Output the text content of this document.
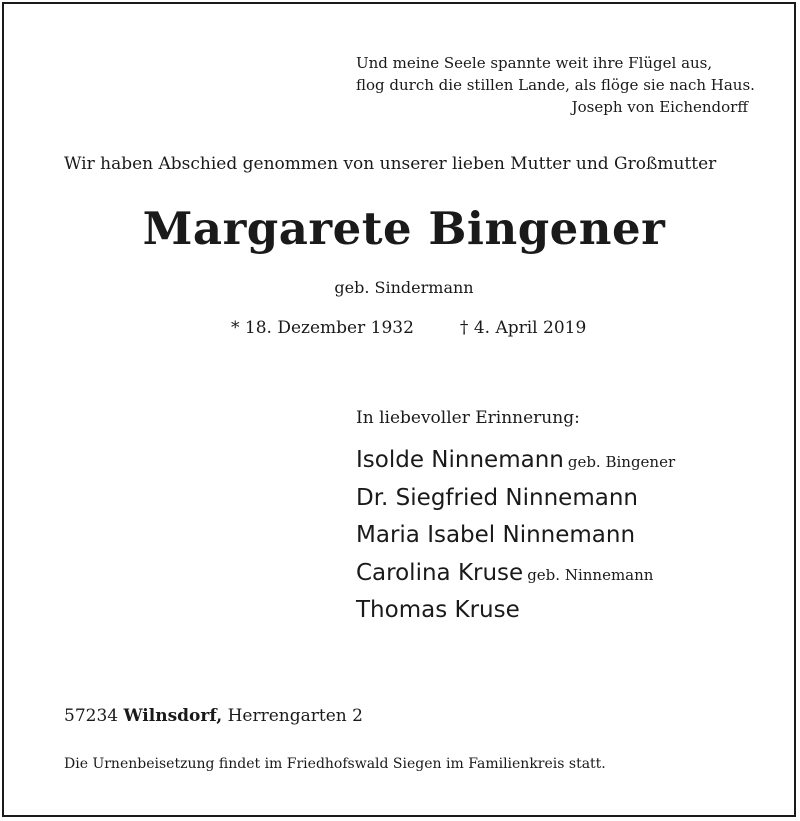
Und meine Seele spannte weit ihre Flügel aus,
flog durch die stillen Lande, als flöge sie nach Haus.
Joseph von Eichendorff
Wir haben Abschied genommen von unserer lieben Mutter und Großmutter
Margarete Bingener
geb. Sindermann
* 18. Dezember 1932	† 4. April 2019
In liebevoller Erinnerung:
Isolde Ninnemann geb. Bingener
Dr. Siegfried Ninnemann
Maria Isabel Ninnemann
Carolina Kruse geb. Ninnemann
Thomas Kruse
57234 Wilnsdorf, Herrengarten 2
Die Urnenbeisetzung findet im Friedhofswald Siegen im Familienkreis statt.
